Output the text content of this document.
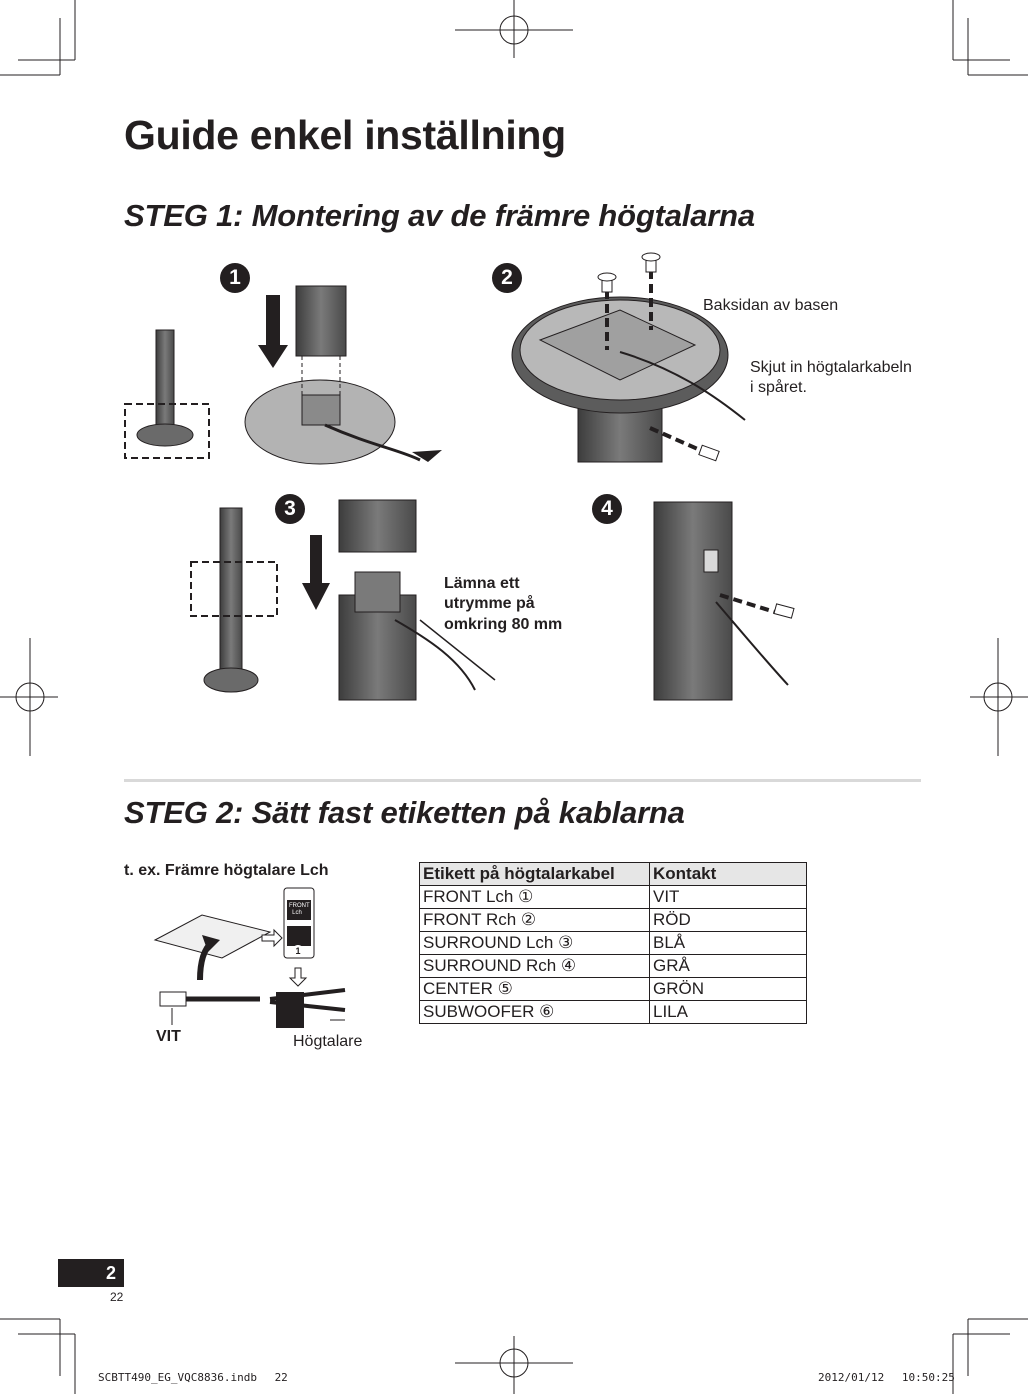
Guide enkel inställning
STEG 1: Montering av de främre högtalarna
1	2
3	4
Baksidan av basen
Skjut in högtalarkabeln
i spåret.
Lämna ett
utrymme på
omkring 80 mm
STEG 2: Sätt fast etiketten på kablarna
t. ex. Främre högtalare Lch
FRONT
Lch
1
VIT	Högtalare
Etikett på högtalarkabel	Kontakt
FRONT Lch ①	VIT
FRONT Rch ②	RÖD
SURROUND Lch ③	BLÅ
SURROUND Rch ④	GRÅ
CENTER ⑤	GRÖN
SUBWOOFER ⑥	LILA
2
22
SCBTT490_EG_VQC8836.indb　 22	2012/01/12　 10:50:25
